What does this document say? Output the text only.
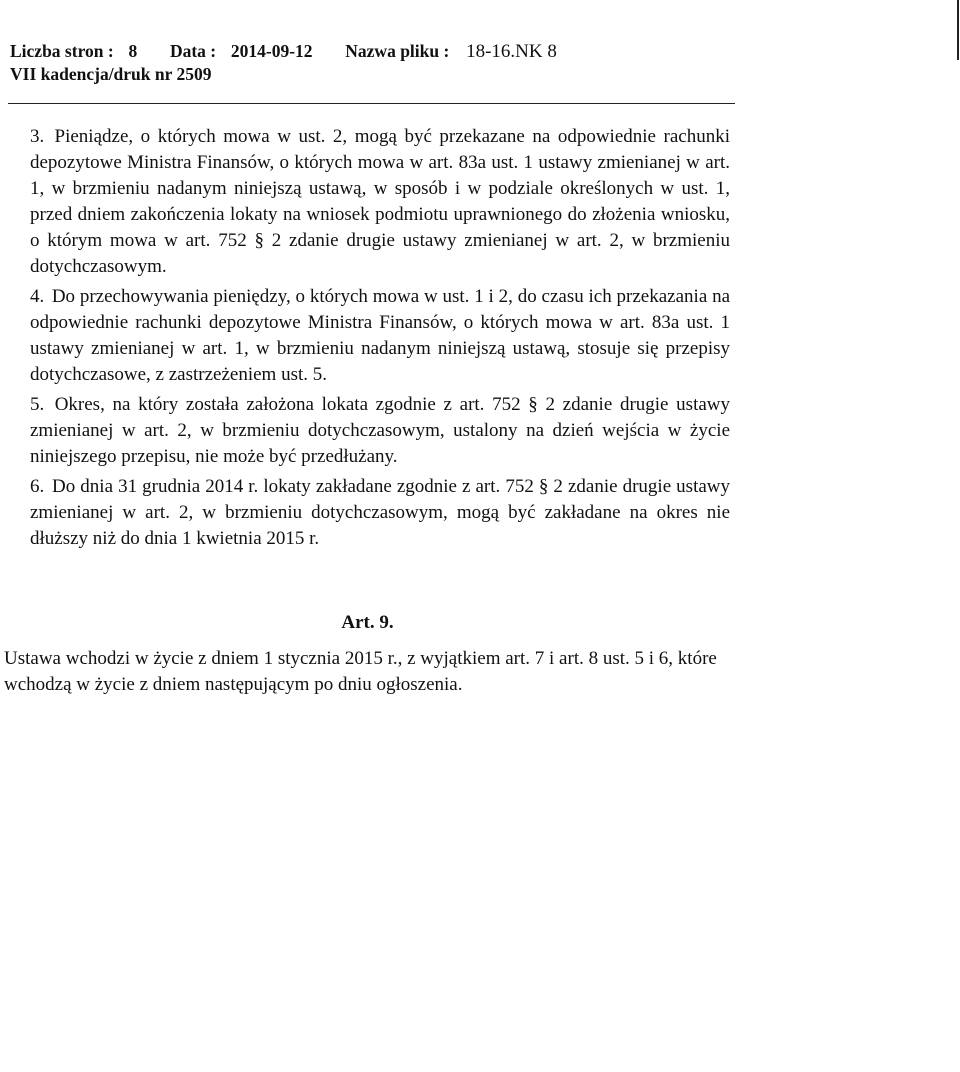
Liczba stron : 8 Data : 2014-09-12 Nazwa pliku : 18-16.NK 8
VII kadencja/druk nr 2509

3. Pieniądze, o których mowa w ust. 2, mogą być przekazane na odpowiednie rachunki depozytowe Ministra Finansów, o których mowa w art. 83a ust. 1 ustawy zmienianej w art. 1, w brzmieniu nadanym niniejszą ustawą, w sposób i w podziale określonych w ust. 1, przed dniem zakończenia lokaty na wniosek podmiotu uprawnionego do złożenia wniosku, o którym mowa w art. 752 § 2 zdanie drugie ustawy zmienianej w art. 2, w brzmieniu dotychczasowym.

4. Do przechowywania pieniędzy, o których mowa w ust. 1 i 2, do czasu ich przekazania na odpowiednie rachunki depozytowe Ministra Finansów, o których mowa w art. 83a ust. 1 ustawy zmienianej w art. 1, w brzmieniu nadanym niniejszą ustawą, stosuje się przepisy dotychczasowe, z zastrzeżeniem ust. 5.

5. Okres, na który została założona lokata zgodnie z art. 752 § 2 zdanie drugie ustawy zmienianej w art. 2, w brzmieniu dotychczasowym, ustalony na dzień wejścia w życie niniejszego przepisu, nie może być przedłużany.

6. Do dnia 31 grudnia 2014 r. lokaty zakładane zgodnie z art. 752 § 2 zdanie drugie ustawy zmienianej w art. 2, w brzmieniu dotychczasowym, mogą być zakładane na okres nie dłuższy niż do dnia 1 kwietnia 2015 r.

Art. 9.
Ustawa wchodzi w życie z dniem 1 stycznia 2015 r., z wyjątkiem art. 7 i art. 8 ust. 5 i 6, które wchodzą w życie z dniem następującym po dniu ogłoszenia.
